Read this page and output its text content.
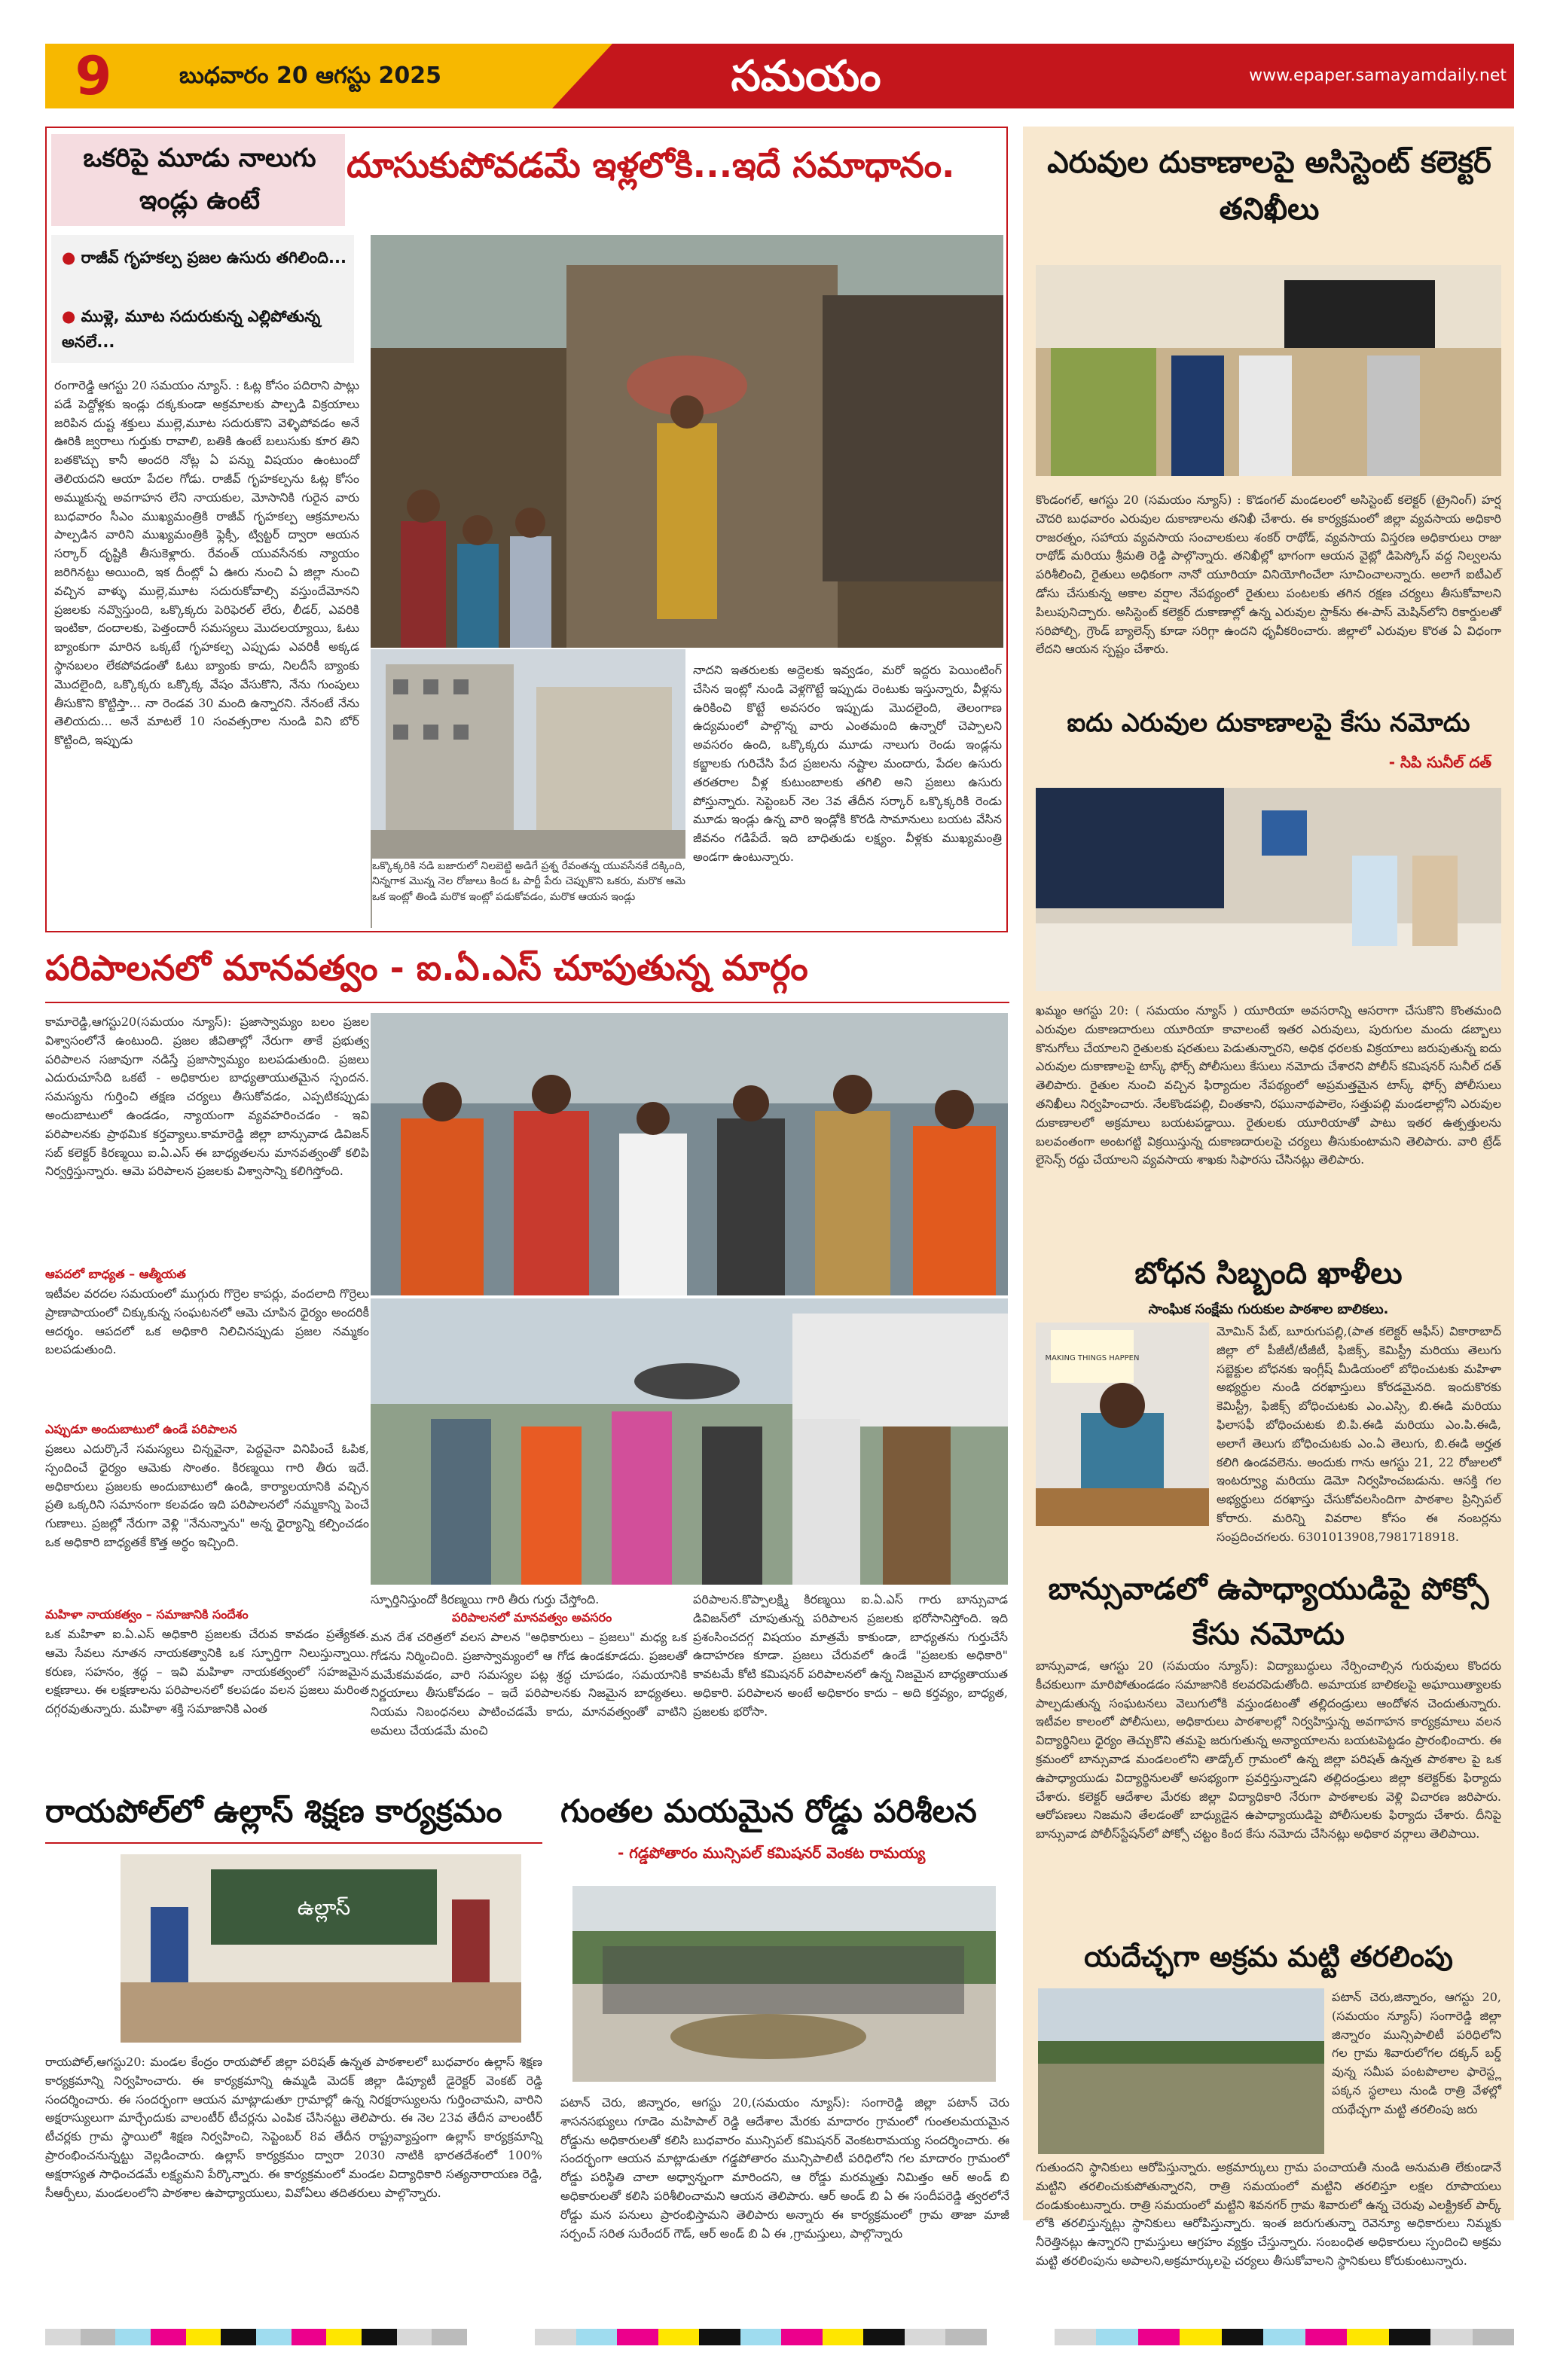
9	బుధవారం 20 ఆగస్టు 2025	సమయం	www.epaper.samayamdaily.net
ఒకరిపై మూడు నాలుగు ఇండ్లు ఉంటే
దూసుకుపోవడమే ఇళ్లలోకి...ఇదే సమాధానం.
● రాజీవ్ గృహకల్ప ప్రజల ఉసురు తగిలింది...
● ముళ్లె, మూట సదురుకున్న ఎల్లిపోతున్న అనలే...
రంగారెడ్డి ఆగస్టు 20 సమయం న్యూస్. : ఓట్ల కోసం పదిరాని పాట్లు పడే పెద్దోళ్లకు ఇండ్లు దక్కకుండా అక్రమాలకు పాల్పడి విక్రయాలు జరిపిన దుష్ట శక్తులు ముల్లె,మూట సదురుకొని వెళ్ళిపోవడం అనే ఊరికి జ్వరాలు గుర్తుకు రావాలి, బతికి ఉంటే బలుసుకు కూర తిని బతకొచ్చు కానీ అందరి నోట్ల ఏ పన్ను విషయం ఉంటుందో తెలియదని ఆయా పేదల గోడు. రాజీవ్ గృహకల్పను ఓట్ల కోసం అమ్ముకున్న అవగాహన లేని నాయకుల, మోసానికి గురైన వారు బుధవారం సీఎం ముఖ్యమంత్రికి రాజీవ్ గృహకల్ప ఆక్రమాలను పాల్పడిన వారిని ముఖ్యమంత్రికి ఫ్లెక్సీ, ట్విట్టర్ ద్వారా ఆయన సర్కార్ దృష్టికి తీసుకెళ్లారు. రేవంత్ యువసేనకు న్యాయం జరిగినట్టు అయింది, ఇక దీంట్లో ఏ ఊరు నుంచి ఏ జిల్లా నుంచి వచ్చిన వాళ్ళు ముల్లె,మూట సదురుకోవాల్సి వస్తుందేమోనని ప్రజలకు నవ్వొస్తుంది, ఒక్కొక్కరు పెరిఫెరల్ లేరు, లీడర్, ఎవరికి ఇంటికా, దందాలకు, పెత్తందారీ సమస్యలు మొదలయ్యాయి, ఓటు బ్యాంకుగా మారిన ఒక్కటే గృహకల్ప ఎప్పుడు ఎవరికీ అక్కడ స్థానబలం లేకపోవడంతో ఓటు బ్యాంకు కాదు, నిలదీసే బ్యాంకు మొదలైంది, ఒక్కొక్కరు ఒక్కొక్క వేషం వేసుకొని, నేను గుంపులు తీసుకొని కొట్టిస్తా... నా రెండవ 30 మంది ఉన్నారని. నేనంటే నేను తెలియదు... అనే మాటలే 10 సంవత్సరాల నుండి విని బోర్ కొట్టింది, ఇప్పుడు
నాదని ఇతరులకు అద్దెలకు ఇవ్వడం, మరో ఇద్దరు పెయింటింగ్ చేసిన ఇంట్లో నుండి వెళ్లగొట్టే ఇప్పుడు రెంటుకు ఇస్తున్నారు, వీళ్లను ఉరికించి కొట్టే అవసరం ఇప్పుడు మొదలైంది, తెలంగాణ ఉద్యమంలో పాల్గొన్న వారు ఎంతమంది ఉన్నారో చెప్పాలని అవసరం ఉంది, ఒక్కొక్కరు మూడు నాలుగు రెండు ఇండ్లను కబ్జాలకు గురిచేసి పేద ప్రజలను నష్టాల మందారు, పేదల ఉసురు తరతరాల వీళ్ల కుటుంబాలకు తగిలి అని ప్రజలు ఉసురు పోస్తున్నారు. సెప్టెంబర్ నెల 3వ తేదీన సర్కార్ ఒక్కొక్కరికి రెండు మూడు ఇండ్లు ఉన్న వారి ఇండ్లోకి కొరడి సామానులు బయట వేసిన జీవనం గడిపేదే. ఇది బాధితుడు లక్ష్యం. వీళ్లకు ముఖ్యమంత్రి అండగా ఉంటున్నారు.
పరిపాలనలో మానవత్వం - ఐ.ఏ.ఎస్ చూపుతున్న మార్గం
కామారెడ్డి,ఆగస్టు20(సమయం న్యూస్): ప్రజాస్వామ్యం బలం ప్రజల విశ్వాసంలోనే ఉంటుంది. ప్రజల జీవితాల్లో నేరుగా తాకే ప్రభుత్వ పరిపాలన సజావుగా నడిస్తే ప్రజాస్వామ్యం బలపడుతుంది. ప్రజలు ఎదురుచూసేది ఒకటే - అధికారుల బాధ్యతాయుతమైన స్పందన. సమస్యను గుర్తించి తక్షణ చర్యలు తీసుకోవడం, ఎప్పటికప్పుడు అందుబాటులో ఉండడం, న్యాయంగా వ్యవహరించడం - ఇవి పరిపాలనకు ప్రాథమిక కర్తవ్యాలు.కామారెడ్డి జిల్లా బాన్సువాడ డివిజన్ సబ్ కలెక్టర్ కిరణ్మయి ఐ.ఏ.ఎస్ ఈ బాధ్యతలను మానవత్వంతో కలిపి నిర్వర్తిస్తున్నారు. ఆమె పరిపాలన ప్రజలకు విశ్వాసాన్ని కలిగిస్తోంది.
ఆపదలో బాధ్యత – ఆత్మీయత
ఇటీవల వరదల సమయంలో ముగ్గురు గొర్రెల కాపర్లు, వందలాది గొర్రెలు ప్రాణాపాయంలో చిక్కుకున్న సంఘటనలో ఆమె చూపిన ధైర్యం అందరికీ ఆదర్శం. ఆపదలో ఒక అధికారి నిలిచినప్పుడు ప్రజల నమ్మకం బలపడుతుంది.
ఎప్పుడూ అందుబాటులో ఉండే పరిపాలన
ప్రజలు ఎదుర్కొనే సమస్యలు చిన్నవైనా, పెద్దవైనా వినిపించే ఓపిక, స్పందించే ధైర్యం ఆమెకు సొంతం. కిరణ్మయి గారి తీరు ఇదే. అధికారులు ప్రజలకు అందుబాటులో ఉండి, కార్యాలయానికి వచ్చిన ప్రతి ఒక్కరిని సమానంగా కలవడం ఇది పరిపాలనలో నమ్మకాన్ని పెంచే గుణాలు. ప్రజల్లో నేరుగా వెళ్లి "నేనున్నాను" అన్న ధైర్యాన్ని కల్పించడం ఒక అధికారి బాధ్యతకే కొత్త అర్థం ఇచ్చింది.
మహిళా నాయకత్వం – సమాజానికి సందేశం
ఒక మహిళా ఐ.ఏ.ఎస్ అధికారి ప్రజలకు చేరువ కావడం ప్రత్యేకత. ఆమె సేవలు నూతన నాయకత్వానికి ఒక స్ఫూర్తిగా నిలుస్తున్నాయి. కరుణ, సహనం, శ్రద్ధ – ఇవి మహిళా నాయకత్వంలో సహజమైన లక్షణాలు. ఈ లక్షణాలను పరిపాలనలో కలపడం వలన ప్రజలు మరింత దగ్గరవుతున్నారు. మహిళా శక్తి సమాజానికి ఎంత
స్ఫూర్తినిస్తుందో కిరణ్మయి గారి తీరు గుర్తు చేస్తోంది.
పరిపాలనలో మానవత్వం అవసరం
మన దేశ చరిత్రలో వలస పాలన "అధికారులు – ప్రజలు" మధ్య ఒక గోడను నిర్మించింది. ప్రజాస్వామ్యంలో ఆ గోడ ఉండకూడదు. ప్రజలతో మమేకమవడం, వారి సమస్యల పట్ల శ్రద్ధ చూపడం, సమయానికి నిర్ణయాలు తీసుకోవడం – ఇదే పరిపాలనకు నిజమైన బాధ్యతలు. నియమ నిబంధనలు పాటించడమే కాదు, మానవత్వంతో వాటిని అమలు చేయడమే మంచి
పరిపాలన.కొప్పాలక్ష్మి కిరణ్మయి ఐ.ఏ.ఎస్ గారు బాన్సువాడ డివిజన్‌లో చూపుతున్న పరిపాలన ప్రజలకు భరోసానిస్తోంది. ఇది ప్రశంసించదగ్గ విషయం మాత్రమే కాకుండా, బాధ్యతను గుర్తుచేసే ఉదాహరణ కూడా. ప్రజలు చేరువలో ఉండే "ప్రజలకు అధికారి" కావటమే కోటి కమిషనర్ పరిపాలనలో ఉన్న నిజమైన బాధ్యతాయుత అధికారి. పరిపాలన అంటే అధికారం కాదు – అది కర్తవ్యం, బాధ్యత, ప్రజలకు భరోసా.
రాయపోల్‌లో ఉల్లాస్ శిక్షణ కార్యక్రమం
ఉల్లాస్
రాయపోల్,ఆగస్టు20: మండల కేంద్రం రాయపోల్ జిల్లా పరిషత్ ఉన్నత పాఠశాలలో బుధవారం ఉల్లాస్ శిక్షణ కార్యక్రమాన్ని నిర్వహించారు. ఈ కార్యక్రమాన్ని ఉమ్మడి మెదక్ జిల్లా డిప్యూటీ డైరెక్టర్ వెంకట్ రెడ్డి సందర్శించారు. ఈ సందర్భంగా ఆయన మాట్లాడుతూ గ్రామాల్లో ఉన్న నిరక్షరాస్యులను గుర్తించామని, వారిని అక్షరాస్యులుగా మార్చేందుకు వాలంటీర్ టీచర్లను ఎంపిక చేసినట్టు తెలిపారు. ఈ నెల 23వ తేదీన వాలంటీర్ టీచర్లకు గ్రామ స్థాయిలో శిక్షణ నిర్వహించి, సెప్టెంబర్ 8వ తేదీన రాష్ట్రవ్యాప్తంగా ఉల్లాస్ కార్యక్రమాన్ని ప్రారంభించనున్నట్టు వెల్లడించారు. ఉల్లాస్ కార్యక్రమం ద్వారా 2030 నాటికి భారతదేశంలో 100% అక్షరాస్యత సాధించడమే లక్ష్యమని పేర్కొన్నారు. ఈ కార్యక్రమంలో మండల విద్యాధికారి సత్యనారాయణ రెడ్డి, సీఆర్పీలు, మండలంలోని పాఠశాల ఉపాధ్యాయులు, వివోఏలు తదితరులు పాల్గొన్నారు.
గుంతల మయమైన రోడ్డు పరిశీలన
- గడ్డపోతారం మున్సిపల్ కమిషనర్ వెంకట రామయ్య
పటాన్ చెరు, జిన్నారం, ఆగస్టు 20,(సమయం న్యూస్): సంగారెడ్డి జిల్లా పటాన్ చెరు శాసనసభ్యులు గూడెం మహిపాల్ రెడ్డి ఆదేశాల మేరకు మాదారం గ్రామంలో గుంతలమయమైన రోడ్డును అధికారులతో కలిసి బుధవారం మున్సిపల్ కమిషనర్ వెంకటరామయ్య సందర్శించారు. ఈ సందర్భంగా ఆయన మాట్లాడుతూ గడ్డపోతారం మున్సిపాలిటీ పరిధిలోని గల మాదారం గ్రామంలో రోడ్డు పరిస్థితి చాలా అధ్వాన్నంగా మారిందని, ఆ రోడ్డు మరమ్మత్తు నిమిత్తం ఆర్ అండ్ బి అధికారులతో కలిసి పరిశీలించామని ఆయన తెలిపారు. ఆర్ అండ్ బి ఏ ఈ సందీపరెడ్డి త్వరలోనే రోడ్డు మన పనులు ప్రారంభిస్తామని తెలిపారు అన్నారు ఈ కార్యక్రమంలో గ్రామ తాజా మాజీ సర్పంచ్ సరిత సురేందర్ గౌడ్, ఆర్ అండ్ బి ఏ ఈ ,గ్రామస్తులు, పాల్గొన్నారు
ఎరువుల దుకాణాలపై అసిస్టెంట్ కలెక్టర్ తనిఖీలు
కొండంగల్, ఆగస్టు 20 (సమయం న్యూస్) : కొడంగల్ మండలంలో అసిస్టెంట్ కలెక్టర్ (ట్రైనింగ్) హర్ష చౌదరి బుధవారం ఎరువుల దుకాణాలను తనిఖీ చేశారు. ఈ కార్యక్రమంలో జిల్లా వ్యవసాయ అధికారి రాజరత్నం, సహాయ వ్యవసాయ సంచాలకులు శంకర్ రాథోడ్, వ్యవసాయ విస్తరణ అధికారులు రాజు రాథోడ్ మరియు శ్రీమతి రెడ్డి పాల్గొన్నారు. తనిఖీల్లో భాగంగా ఆయన వైట్లో డిపెస్కోస్ వద్ద నిల్వలను పరిశీలించి, రైతులు అధికంగా నానో యూరియా వినియోగించేలా సూచించాలన్నారు. అలాగే ఐటీఎల్ డోసు చేసుకున్న అకాల వర్షాల నేపథ్యంలో రైతులు పంటలకు తగిన రక్షణ చర్యలు తీసుకోవాలని పిలుపునిచ్చారు. అసిస్టెంట్ కలెక్టర్ దుకాణాల్లో ఉన్న ఎరువుల స్టాక్‌ను ఈ-పాస్ మెషిన్‌లోని రికార్డులతో సరిపోల్చి, గ్రౌండ్ బ్యాలెన్స్ కూడా సరిగ్గా ఉందని ధృవీకరించారు. జిల్లాలో ఎరువుల కొరత ఏ విధంగా లేదని ఆయన స్పష్టం చేశారు.
ఐదు ఎరువుల దుకాణాలపై కేసు నమోదు
- సిపి సునీల్ దత్
ఖమ్మం ఆగస్టు 20: ( సమయం న్యూస్ ) యూరియా అవసరాన్ని ఆసరాగా చేసుకొని కొంతమంది ఎరువుల దుకాణదారులు యూరియా కావాలంటే ఇతర ఎరువులు, పురుగుల మందు డబ్బాలు కొనుగోలు చేయాలని రైతులకు షరతులు పెడుతున్నారని, అధిక ధరలకు విక్రయాలు జరుపుతున్న ఐదు ఎరువుల దుకాణాలపై టాస్క్ ఫోర్స్ పోలీసులు కేసులు నమోదు చేశారని పోలీస్ కమిషనర్ సునీల్ దత్ తెలిపారు. రైతుల నుంచి వచ్చిన ఫిర్యాదుల నేపథ్యంలో అప్రమత్తమైన టాస్క్ ఫోర్స్ పోలీసులు తనిఖీలు నిర్వహించారు. నేలకొండపల్లి, చింతకాని, రఘునాథపాలెం, సత్తుపల్లి మండలాల్లోని ఎరువుల దుకాణాలలో అక్రమాలు బయటపడ్డాయి. రైతులకు యూరియాతో పాటు ఇతర ఉత్పత్తులను బలవంతంగా అంటగట్టి విక్రయిస్తున్న దుకాణదారులపై చర్యలు తీసుకుంటామని తెలిపారు. వారి ట్రేడ్ లైసెన్స్ రద్దు చేయాలని వ్యవసాయ శాఖకు సిఫారసు చేసినట్లు తెలిపారు.
బోధన సిబ్బంది ఖాళీలు
సాంఘిక సంక్షేమ గురుకుల పాఠశాల బాలికలు.
MAKING THINGS HAPPEN
మోమిన్ పేట్, బూరుగుపల్లి,(పాత కలెక్టర్ ఆఫీస్) వికారాబాద్ జిల్లా లో పీజీటీ/టీజీటీ, ఫిజిక్స్, కెమిస్ట్రీ మరియు తెలుగు సబ్జెక్టుల బోధనకు ఇంగ్లీష్ మీడియంలో బోధించుటకు మహిళా అభ్యర్థుల నుండి దరఖాస్తులు కోరడమైనది. ఇందుకొరకు కెమిస్ట్రీ, ఫిజిక్స్ బోధించుటకు ఎం.ఎస్సి, బి.ఈడి మరియు ఫిలాసఫీ బోధించుటకు బి.పి.ఈడి మరియు ఎం.పి.ఈడి, అలాగే తెలుగు బోధించుటకు ఎం.ఏ తెలుగు, బి.ఈడి అర్హత కలిగి ఉండవలెను. అందుకు గాను ఆగస్టు 21, 22 రోజులలో ఇంటర్వ్యూ మరియు డెమో నిర్వహించబడును. ఆసక్తి గల అభ్యర్థులు దరఖాస్తు చేసుకోవలసిందిగా పాఠశాల ప్రిన్సిపల్ కోరారు. మరిన్ని వివరాల కోసం ఈ నంబర్లను సంప్రదించగలరు. 6301013908,7981718918.
బాన్సువాడలో ఉపాధ్యాయుడిపై పోక్సో కేసు నమోదు
బాన్సువాడ, ఆగస్టు 20 (సమయం న్యూస్): విద్యాబుద్ధులు నేర్పించాల్సిన గురువులు కొందరు కీచకులుగా మారిపోతుండడం సమాజానికి కలవరపెడుతోంది. అమాయక బాలికలపై అఘాయిత్యాలకు పాల్పడుతున్న సంఘటనలు వెలుగులోకి వస్తుండటంతో తల్లిదండ్రులు ఆందోళన చెందుతున్నారు. ఇటీవల కాలంలో పోలీసులు, అధికారులు పాఠశాలల్లో నిర్వహిస్తున్న అవగాహన కార్యక్రమాలు వలన విద్యార్థినిలు ధైర్యం తెచ్చుకొని తమపై జరుగుతున్న అన్యాయాలను బయటపెట్టడం ప్రారంభించారు. ఈ క్రమంలో బాన్సువాడ మండలంలోని తాడ్కోల్ గ్రామంలో ఉన్న జిల్లా పరిషత్ ఉన్నత పాఠశాల పై ఒక ఉపాధ్యాయుడు విద్యార్థినులతో అసభ్యంగా ప్రవర్తిస్తున్నాడని తల్లిదండ్రులు జిల్లా కలెక్టర్‌కు ఫిర్యాదు చేశారు. కలెక్టర్ ఆదేశాల మేరకు జిల్లా విద్యాధికారి నేరుగా పాఠశాలకు వెళ్లి విచారణ జరిపారు. ఆరోపణలు నిజమని తేలడంతో బాధ్యుడైన ఉపాధ్యాయుడిపై పోలీసులకు ఫిర్యాదు చేశారు. దీనిపై బాన్సువాడ పోలీస్‌స్టేషన్‌లో పోక్సో చట్టం కింద కేసు నమోదు చేసినట్లు అధికార వర్గాలు తెలిపాయి.
యదేచ్ఛగా అక్రమ మట్టి తరలింపు
పటాన్ చెరు,జిన్నారం, ఆగస్టు 20,(సమయం న్యూస్) సంగారెడ్డి జిల్లా జిన్నారం మున్సిపాలిటీ పరిధిలోని గల గ్రామ శివారులోగల దక్కన్ బర్డ్ వున్న సమీప పంటపొలాల ఫారెస్ట్ల పక్కన స్థలాలు నుండి రాత్రి వేళల్లో యథేచ్ఛగా మట్టి తరలింపు జరు
గుతుందని స్థానికులు ఆరోపిస్తున్నారు. అక్రమార్కులు గ్రామ పంచాయతీ నుండి అనుమతి లేకుండానే మట్టిని తరలించుకుపోతున్నారని, రాత్రి సమయంలో మట్టిని తరలిస్తూ లక్షల రూపాయలు దండుకుంటున్నారు. రాత్రి సమయంలో మట్టిని శివనగర్ గ్రామ శివారులో ఉన్న చెరువు ఎలక్ట్రికల్ పార్క్ లోకి తరలిస్తున్నట్లు స్థానికులు ఆరోపిస్తున్నారు. ఇంత జరుగుతున్నా రెవెన్యూ అధికారులు నిమ్మకు నీరెత్తినట్లు ఉన్నారని గ్రామస్తులు ఆగ్రహం వ్యక్తం చేస్తున్నారు. సంబంధిత అధికారులు స్పందించి అక్రమ మట్టి తరలింపును అపాలని,అక్రమార్కులపై చర్యలు తీసుకోవాలని స్థానికులు కోరుకుంటున్నారు.
ఒక్కొక్కరికి నడి బజారులో నిలబెట్టి అడిగే ప్రశ్న రేవంతన్న యువసేనకే దక్కింది, నిన్నగాక మొన్న నెల రోజులు కింద ఓ పార్టీ పేరు చెప్పుకొని ఒకరు, మరొక ఆమె ఒక ఇంట్లో తిండి మరొక ఇంట్లో పడుకోవడం, మరొక ఆయన ఇండ్లు
